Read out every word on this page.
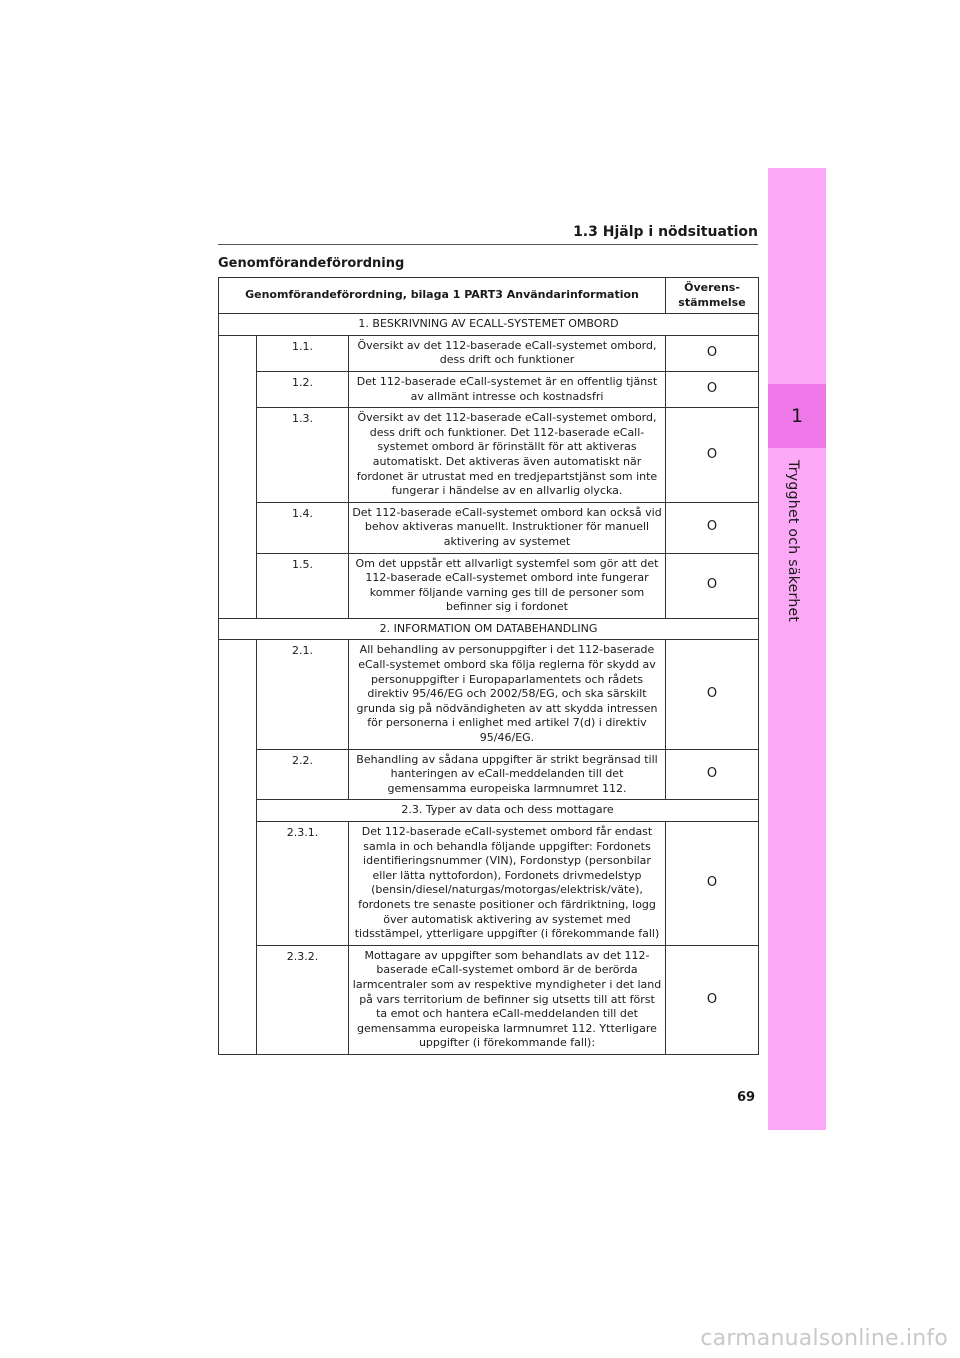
1
Trygghet och säkerhet
1.3 Hjälp i nödsituation
Genomförandeförordning
Genomförandeförordning, bilaga 1 PART3 Användarinformation			Överens-stämmelse
1. BESKRIVNING AV ECALL-SYSTEMET OMBORD			
	1.1.	Översikt av det 112-baserade eCall-systemet ombord, dess drift och funktioner	O
	1.2.	Det 112-baserade eCall-systemet är en offentlig tjänst av allmänt intresse och kostnadsfri	O
	1.3.	Översikt av det 112-baserade eCall-systemet ombord, dess drift och funktioner. Det 112-baserade eCall-systemet ombord är förinställt för att aktiveras automatiskt. Det aktiveras även automatiskt när fordonet är utrustat med en tredjepartstjänst som inte fungerar i händelse av en allvarlig olycka.	O
	1.4.	Det 112-baserade eCall-systemet ombord kan också vid behov aktiveras manuellt. Instruktioner för manuell aktivering av systemet	O
	1.5.	Om det uppstår ett allvarligt systemfel som gör att det 112-baserade eCall-systemet ombord inte fungerar kommer följande varning ges till de personer som befinner sig i fordonet	O
2. INFORMATION OM DATABEHANDLING			
	2.1.	All behandling av personuppgifter i det 112-baserade eCall-systemet ombord ska följa reglerna för skydd av personuppgifter i Europaparlamentets och rådets direktiv 95/46/EG och 2002/58/EG, och ska särskilt grunda sig på nödvändigheten av att skydda intressen för personerna i enlighet med artikel 7(d) i direktiv 95/46/EG.	O
	2.2.	Behandling av sådana uppgifter är strikt begränsad till hanteringen av eCall-meddelanden till det gemensamma europeiska larmnumret 112.	O
	2.3. Typer av data och dess mottagare		
	2.3.1.	Det 112-baserade eCall-systemet ombord får endast samla in och behandla följande uppgifter: Fordonets identifieringsnummer (VIN), Fordonstyp (personbilar eller lätta nyttofordon), Fordonets drivmedelstyp (bensin/diesel/naturgas/motorgas/elektrisk/väte), fordonets tre senaste positioner och färdriktning, logg över automatisk aktivering av systemet med tidsstämpel, ytterligare uppgifter (i förekommande fall)	O
	2.3.2.	Mottagare av uppgifter som behandlats av det 112-baserade eCall-systemet ombord är de berörda larmcentraler som av respektive myndigheter i det land på vars territorium de befinner sig utsetts till att först ta emot och hantera eCall-meddelanden till det gemensamma europeiska larmnumret 112. Ytterligare uppgifter (i förekommande fall):	O
69
carmanualsonline.info
